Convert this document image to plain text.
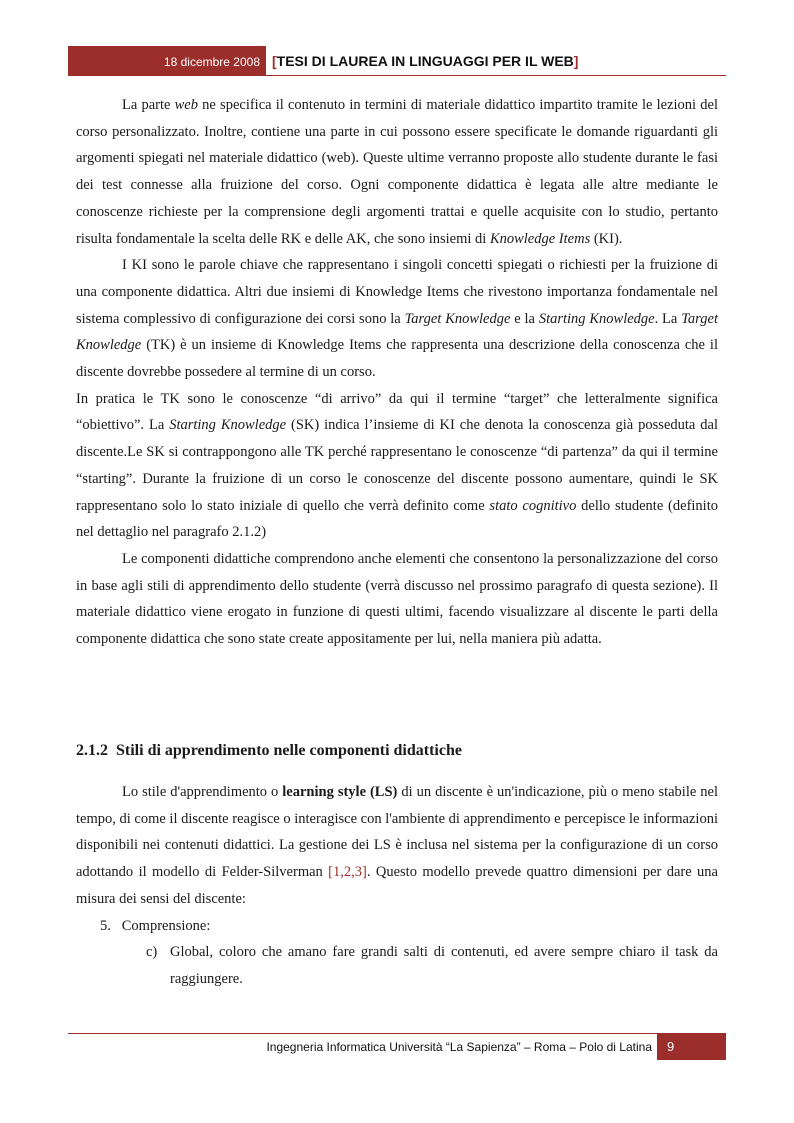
18 dicembre 2008 [TESI DI LAUREA IN LINGUAGGI PER IL WEB]

La parte web ne specifica il contenuto in termini di materiale didattico impartito tramite le lezioni del corso personalizzato. Inoltre, contiene una parte in cui possono essere specificate le domande riguardanti gli argomenti spiegati nel materiale didattico (web). Queste ultime verranno proposte allo studente durante le fasi dei test connesse alla fruizione del corso. Ogni componente didattica è legata alle altre mediante le conoscenze richieste per la comprensione degli argomenti trattai e quelle acquisite con lo studio, pertanto risulta fondamentale la scelta delle RK e delle AK, che sono insiemi di Knowledge Items (KI).

I KI sono le parole chiave che rappresentano i singoli concetti spiegati o richiesti per la fruizione di una componente didattica. Altri due insiemi di Knowledge Items che rivestono importanza fondamentale nel sistema complessivo di configurazione dei corsi sono la Target Knowledge e la Starting Knowledge. La Target Knowledge (TK) è un insieme di Knowledge Items che rappresenta una descrizione della conoscenza che il discente dovrebbe possedere al termine di un corso.

In pratica le TK sono le conoscenze “di arrivo” da qui il termine “target” che letteralmente significa “obiettivo”. La Starting Knowledge (SK) indica l’insieme di KI che denota la conoscenza già posseduta dal discente.Le SK si contrappongono alle TK perché rappresentano le conoscenze “di partenza” da qui il termine “starting”. Durante la fruizione di un corso le conoscenze del discente possono aumentare, quindi le SK rappresentano solo lo stato iniziale di quello che verrà definito come stato cognitivo dello studente (definito nel dettaglio nel paragrafo 2.1.2)

Le componenti didattiche comprendono anche elementi che consentono la personalizzazione del corso in base agli stili di apprendimento dello studente (verrà discusso nel prossimo paragrafo di questa sezione). Il materiale didattico viene erogato in funzione di questi ultimi, facendo visualizzare al discente le parti della componente didattica che sono state create appositamente per lui, nella maniera più adatta.

2.1.2 Stili di apprendimento nelle componenti didattiche

Lo stile d'apprendimento o learning style (LS) di un discente è un'indicazione, più o meno stabile nel tempo, di come il discente reagisce o interagisce con l'ambiente di apprendimento e percepisce le informazioni disponibili nei contenuti didattici. La gestione dei LS è inclusa nel sistema per la configurazione di un corso adottando il modello di Felder-Silverman [1,2,3]. Questo modello prevede quattro dimensioni per dare una misura dei sensi del discente:

5. Comprensione:

c) Global, coloro che amano fare grandi salti di contenuti, ed avere sempre chiaro il task da raggiungere.
Ingegneria Informatica Università “La Sapienza” – Roma – Polo di Latina 9
